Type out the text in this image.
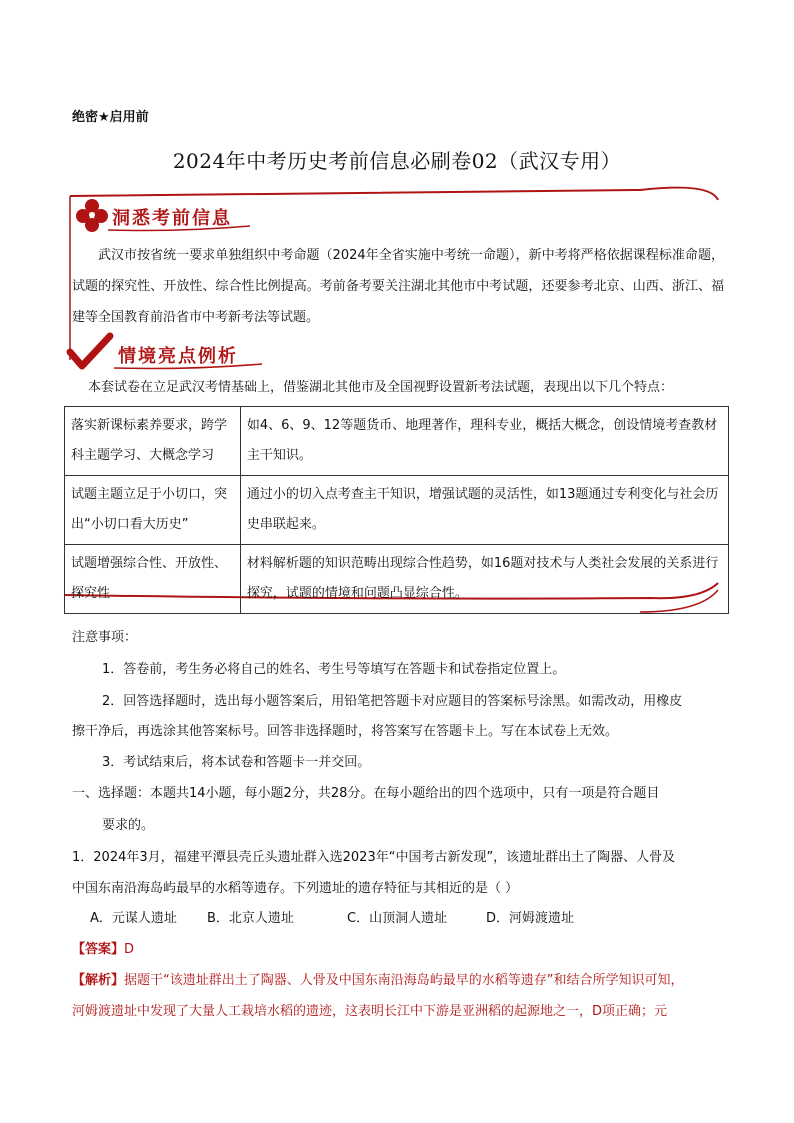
绝密★启用前
2024年中考历史考前信息必刷卷02（武汉专用）
洞悉考前信息
武汉市按省统一要求单独组织中考命题（2024年全省实施中考统一命题），新中考将严格依据课程标准命题，试题的探究性、开放性、综合性比例提高。考前备考要关注湖北其他市中考试题，还要参考北京、山西、浙江、福建等全国教育前沿省市中考新考法等试题。
情境亮点例析
本套试卷在立足武汉考情基础上，借鉴湖北其他市及全国视野设置新考法试题，表现出以下几个特点：
落实新课标素养要求，跨学科主题学习、大概念学习	如4、6、9、12等题货币、地理著作，理科专业，概括大概念，创设情境考查教材主干知识。
试题主题立足于小切口，突出“小切口看大历史”	通过小的切入点考查主干知识，增强试题的灵活性，如13题通过专利变化与社会历史串联起来。
试题增强综合性、开放性、探究性	材料解析题的知识范畴出现综合性趋势，如16题对技术与人类社会发展的关系进行探究，试题的情境和问题凸显综合性。
注意事项：
1．答卷前，考生务必将自己的姓名、考生号等填写在答题卡和试卷指定位置上。
2．回答选择题时，选出每小题答案后，用铅笔把答题卡对应题目的答案标号涂黑。如需改动，用橡皮
擦干净后，再选涂其他答案标号。回答非选择题时，将答案写在答题卡上。写在本试卷上无效。
3．考试结束后，将本试卷和答题卡一并交回。
一、选择题：本题共14小题，每小题2分，共28分。在每小题给出的四个选项中，只有一项是符合题目
要求的。
1．2024年3月，福建平潭县壳丘头遗址群入选2023年“中国考古新发现”，该遗址群出土了陶器、人骨及
中国东南沿海岛屿最早的水稻等遗存。下列遗址的遗存特征与其相近的是（ ）
A．元谋人遗址 B．北京人遗址	C．山顶洞人遗址	D．河姆渡遗址
【答案】D
【解析】据题干“该遗址群出土了陶器、人骨及中国东南沿海岛屿最早的水稻等遗存”和结合所学知识可知，
河姆渡遗址中发现了大量人工栽培水稻的遗迹，这表明长江中下游是亚洲稻的起源地之一，D项正确；元
